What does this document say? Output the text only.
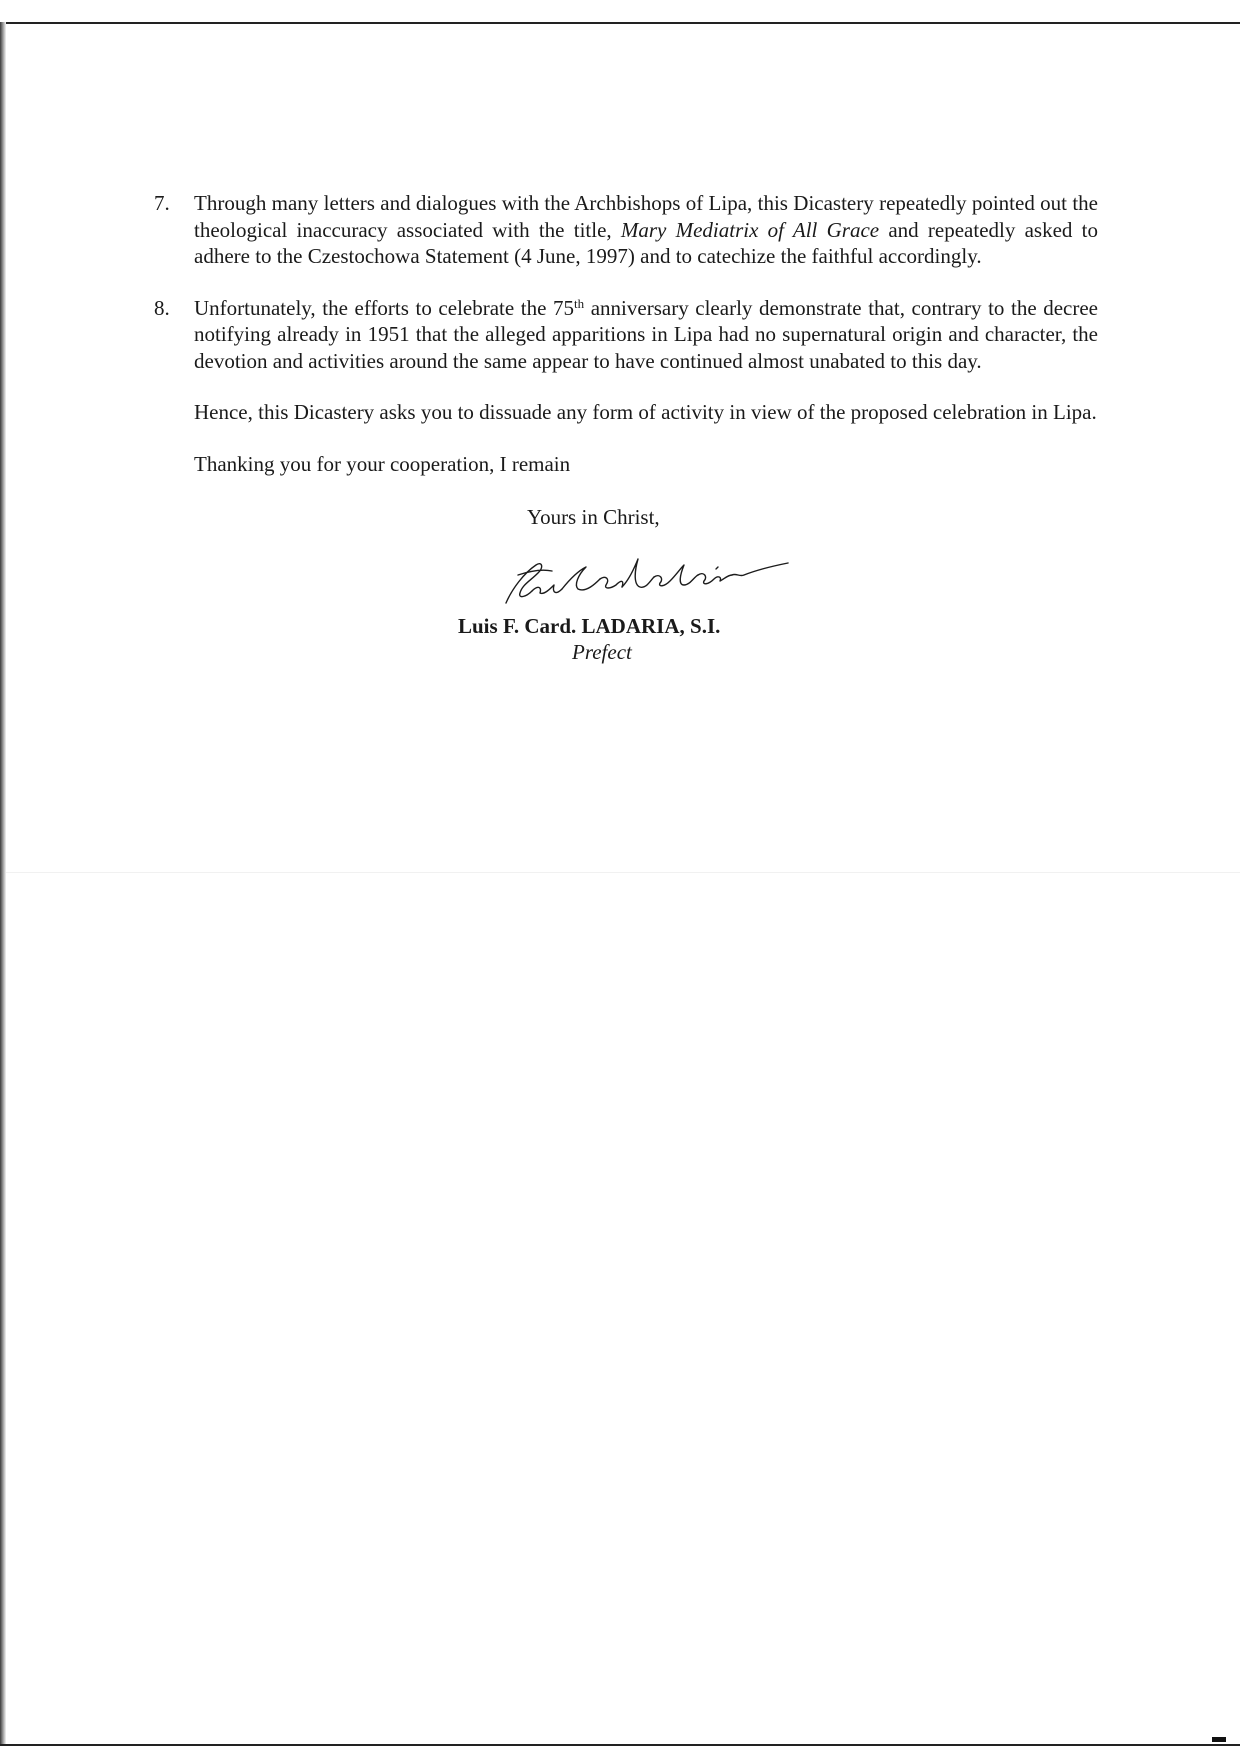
7. Through many letters and dialogues with the Archbishops of Lipa, this Dicastery repeatedly pointed out the theological inaccuracy associated with the title, Mary Mediatrix of All Grace and repeatedly asked to adhere to the Czestochowa Statement (4 June, 1997) and to catechize the faithful accordingly.
8. Unfortunately, the efforts to celebrate the 75th anniversary clearly demonstrate that, contrary to the decree notifying already in 1951 that the alleged apparitions in Lipa had no supernatural origin and character, the devotion and activities around the same appear to have continued almost unabated to this day.
Hence, this Dicastery asks you to dissuade any form of activity in view of the proposed celebration in Lipa.
Thanking you for your cooperation, I remain
Yours in Christ,
Luis F. Card. LADARIA, S.I.
Prefect
